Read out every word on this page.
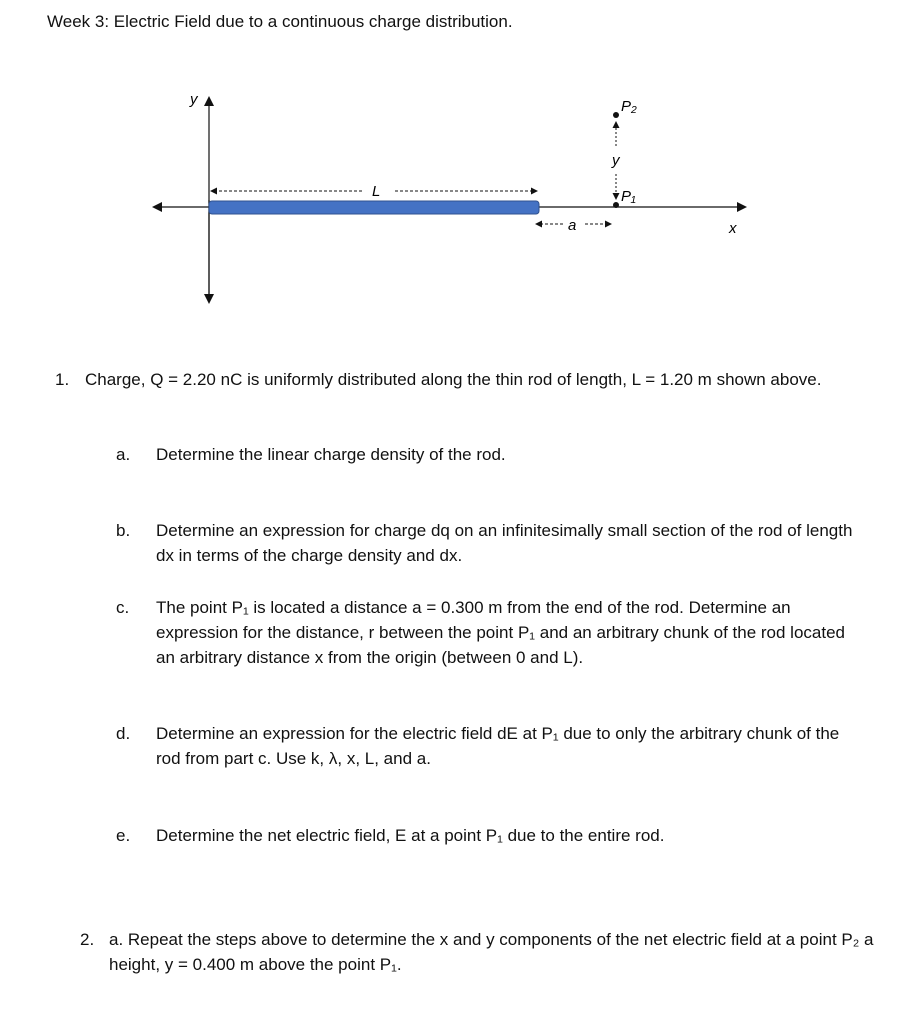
Week 3: Electric Field due to a continuous charge distribution.
y
x
L
a
P₁
P₂
y
1. Charge, Q = 2.20 nC is uniformly distributed along the thin rod of length, L = 1.20 m shown above.
a. Determine the linear charge density of the rod.
b. Determine an expression for charge dq on an infinitesimally small section of the rod of length dx in terms of the charge density and dx.
c. The point P₁ is located a distance a = 0.300 m from the end of the rod. Determine an expression for the distance, r between the point P₁ and an arbitrary chunk of the rod located an arbitrary distance x from the origin (between 0 and L).
d. Determine an expression for the electric field dE at P₁ due to only the arbitrary chunk of the rod from part c. Use k, λ, x, L, and a.
e. Determine the net electric field, E at a point P₁ due to the entire rod.
2. a. Repeat the steps above to determine the x and y components of the net electric field at a point P₂ a height, y = 0.400 m above the point P₁.
